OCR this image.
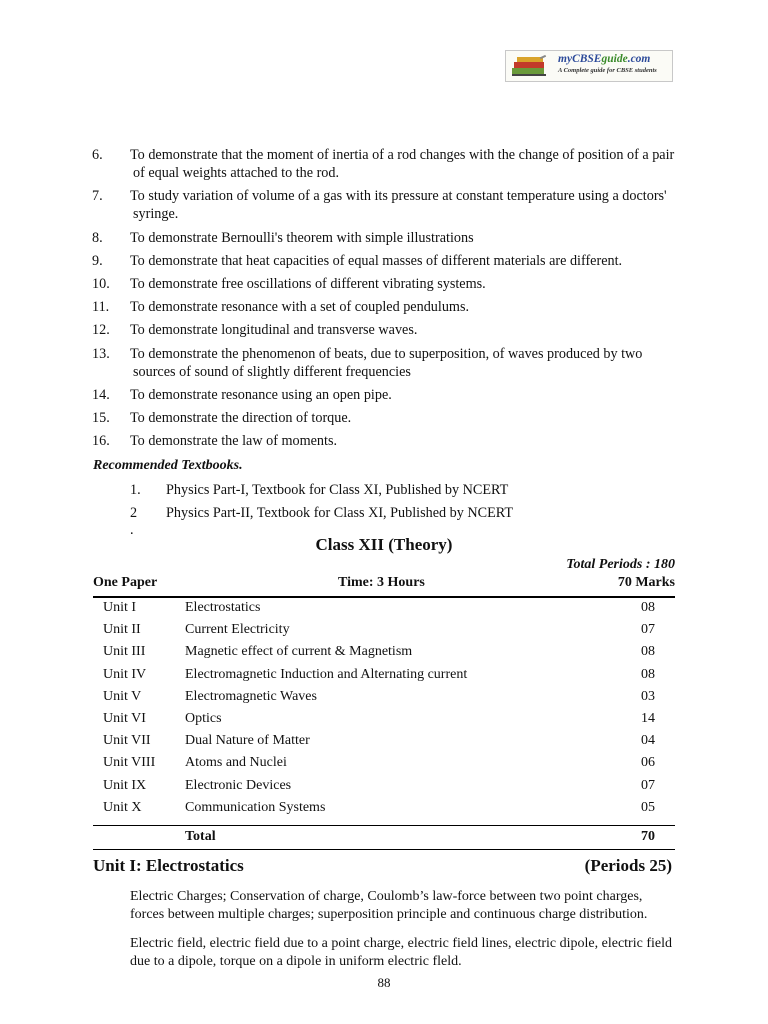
myCBSEguide.com
A Complete guide for CBSE students
6. To demonstrate that the moment of inertia of a rod changes with the change of position of a pair
of equal weights attached to the rod.
7. To study variation of volume of a gas with its pressure at constant temperature using a doctors'
syringe.
8. To demonstrate Bernoulli's theorem with simple illustrations
9. To demonstrate that heat capacities of equal masses of different materials are different.
10. To demonstrate free oscillations of different vibrating systems.
11. To demonstrate resonance with a set of coupled pendulums.
12. To demonstrate longitudinal and transverse waves.
13. To demonstrate the phenomenon of beats, due to superposition, of waves produced by two
sources of sound of slightly different frequencies
14. To demonstrate resonance using an open pipe.
15. To demonstrate the direction of torque.
16. To demonstrate the law of moments.
Recommended Textbooks.
1. Physics Part-I, Textbook for Class XI, Published by NCERT
2 .
Physics Part-II, Textbook for Class XI, Published by NCERT
Class XII (Theory)
Total Periods : 180
One Paper	Time: 3 Hours	70 Marks
Unit I	Electrostatics	08
Unit II	Current Electricity	07
Unit III	Magnetic effect of current & Magnetism	08
Unit IV	Electromagnetic Induction and Alternating current	08
Unit V	Electromagnetic Waves	03
Unit VI	Optics	14
Unit VII Dual Nature of Matter	04
Unit VIII Atoms and Nuclei	06
Unit IX	Electronic Devices	07
Unit X	Communication Systems	05
Total	70
Unit I: Electrostatics	(Periods 25)
Electric Charges; Conservation of charge, Coulomb’s law-force between two point charges, forces between multiple charges; superposition principle and continuous charge distribution.
Electric field, electric field due to a point charge, electric field lines, electric dipole, electric field due to a dipole, torque on a dipole in uniform electric fleld.
88
